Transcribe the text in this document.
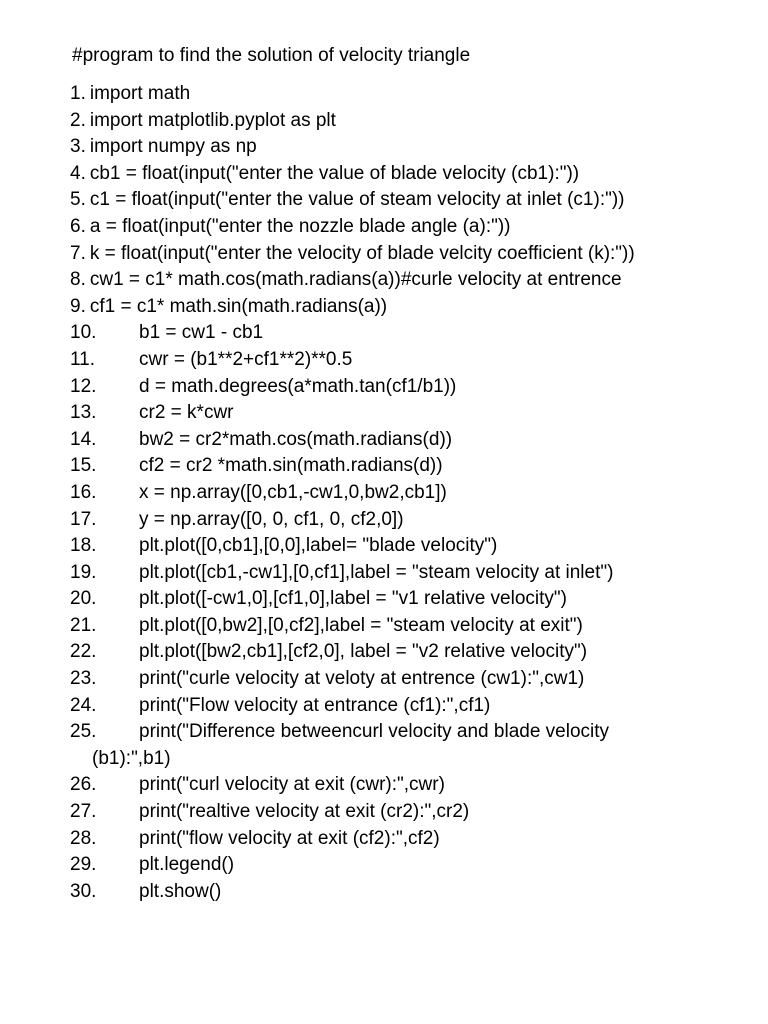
#program to find the solution of velocity triangle
1. import math
2. import matplotlib.pyplot as plt
3. import numpy as np
4. cb1 = float(input("enter the value of blade velocity (cb1):"))
5. c1 = float(input("enter the value of steam velocity at inlet (c1):"))
6. a = float(input("enter the nozzle blade angle (a):"))
7. k = float(input("enter the velocity of blade velcity coefficient (k):"))
8. cw1 = c1* math.cos(math.radians(a))#curle velocity at entrence
9. cf1 = c1* math.sin(math.radians(a))
10.	b1 = cw1 - cb1
11.	cwr = (b1**2+cf1**2)**0.5
12.	d = math.degrees(a*math.tan(cf1/b1))
13.	cr2 = k*cwr
14.	bw2 = cr2*math.cos(math.radians(d))
15.	cf2 = cr2 *math.sin(math.radians(d))
16.	x = np.array([0,cb1,-cw1,0,bw2,cb1])
17.	y = np.array([0, 0, cf1, 0, cf2,0])
18.	plt.plot([0,cb1],[0,0],label= "blade velocity")
19.	plt.plot([cb1,-cw1],[0,cf1],label = "steam velocity at inlet")
20.	plt.plot([-cw1,0],[cf1,0],label = "v1 relative velocity")
21.	plt.plot([0,bw2],[0,cf2],label = "steam velocity at exit")
22.	plt.plot([bw2,cb1],[cf2,0], label = "v2 relative velocity")
23.	print("curle velocity at veloty at entrence (cw1):",cw1)
24.	print("Flow velocity at entrance (cf1):",cf1)
25.	print("Difference betweencurl velocity and blade velocity
(b1):",b1)
26.	print("curl velocity at exit (cwr):",cwr)
27.	print("realtive velocity at exit (cr2):",cr2)
28.	print("flow velocity at exit (cf2):",cf2)
29.	plt.legend()
30.	plt.show()
